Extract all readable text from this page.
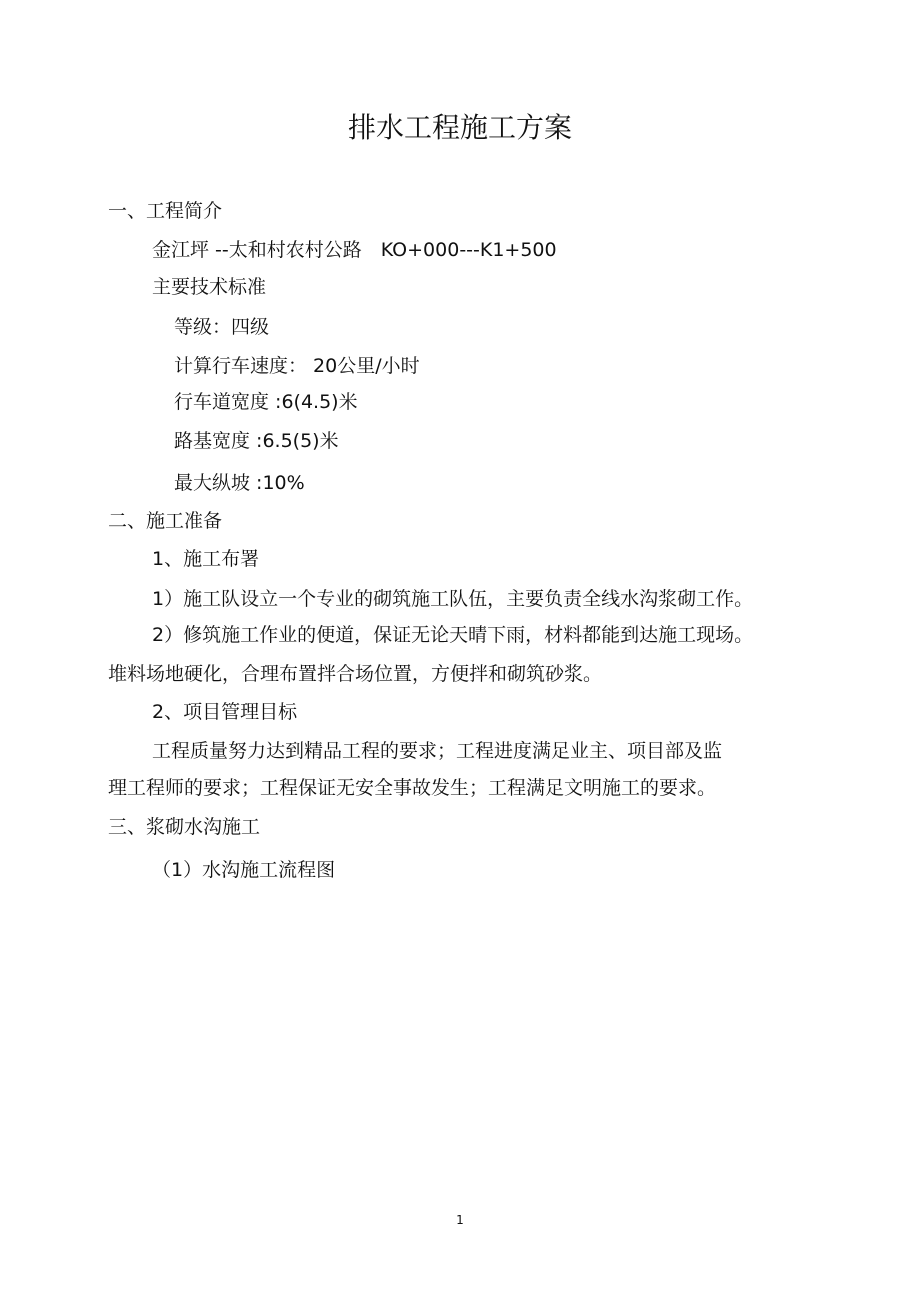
排水工程施工方案
一、工程简介
金江坪 --太和村农村公路　KO+000---K1+500
主要技术标准
等级：四级
计算行车速度： 20公里/小时
行车道宽度 :6(4.5)米
路基宽度 :6.5(5)米
最大纵坡 :10%
二、施工准备
1、施工布署
1）施工队设立一个专业的砌筑施工队伍，主要负责全线水沟浆砌工作。
2）修筑施工作业的便道，保证无论天晴下雨，材料都能到达施工现场。
堆料场地硬化，合理布置拌合场位置，方便拌和砌筑砂浆。
2、项目管理目标
工程质量努力达到精品工程的要求；工程进度满足业主、项目部及监
理工程师的要求；工程保证无安全事故发生；工程满足文明施工的要求。
三、浆砌水沟施工
（1）水沟施工流程图
1
